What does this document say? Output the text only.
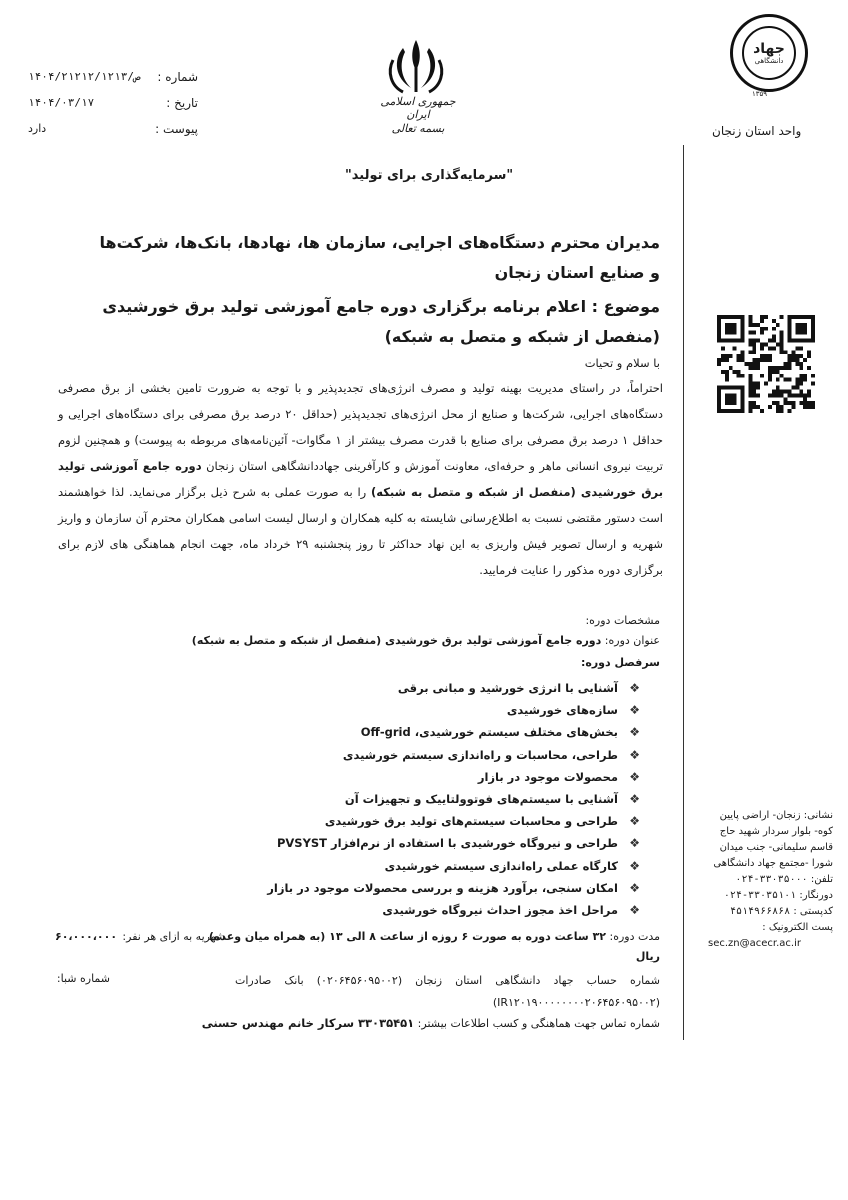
جهاد
دانشگاهی
۱۳۵۹
واحد استان زنجان
جمهوری اسلامی ایران
بسمه تعالی
شماره :
۱۴۰۴/۲۱۲۱۲/ص/۱۲۱۳
تاریخ :
۱۴۰۴/۰۳/۱۷
پیوست :
دارد
"سرمایه‌گذاری برای تولید"
مدیران محترم دستگاه‌های اجرایی، سازمان ها، نهادها، بانک‌ها، شرکت‌ها و صنایع استان زنجان
موضوع : اعلام برنامه برگزاری دوره جامع آموزشی تولید برق خورشیدی (منفصل از شبکه و متصل به شبکه)
با سلام و تحیات
احتراماً، در راستای مدیریت بهینه تولید و مصرف انرژی‌های تجدیدپذیر و با توجه به ضرورت تامین بخشی از برق مصرفی دستگاه‌های اجرایی، شرکت‌ها و صنایع از محل انرژی‌های تجدیدپذیر (حداقل ۲۰ درصد برق مصرفی برای دستگاه‌های اجرایی و حداقل ۱ درصد برق مصرفی برای صنایع با قدرت مصرف بیشتر از ۱ مگاوات- آئین‌نامه‌های مربوطه به پیوست) و همچنین لزوم تربیت نیروی انسانی ماهر و حرفه‌ای، معاونت آموزش و کارآفرینی جهاددانشگاهی استان زنجان دوره جامع آموزشی تولید برق خورشیدی (منفصل از شبکه و متصل به شبکه) را به صورت عملی به شرح ذیل برگزار می‌نماید. لذا خواهشمند است دستور مقتضی نسبت به اطلاع‌رسانی شایسته به کلیه همکاران و ارسال لیست اسامی همکاران محترم آن سازمان و واریز شهریه و ارسال تصویر فیش واریزی به این نهاد حداکثر تا روز پنجشنبه ۲۹ خرداد ماه، جهت انجام هماهنگی های لازم برای برگزاری دوره مذکور را عنایت فرمایید.
مشخصات دوره:
عنوان دوره: دوره جامع آموزشی تولید برق خورشیدی (منفصل از شبکه و متصل به شبکه)
سرفصل دوره:
❖
آشنایی با انرژی خورشید و مبانی برقی
❖
سازه‌های خورشیدی
❖
بخش‌های مختلف سیستم خورشیدی، Off-grid
❖
طراحی، محاسبات و راه‌اندازی سیستم خورشیدی
❖
محصولات موجود در بازار
❖
آشنایی با سیستم‌های فوتوولتاییک و تجهیزات آن
❖
طراحی و محاسبات سیستم‌های تولید برق خورشیدی
❖
طراحی و نیروگاه خورشیدی با استفاده از نرم‌افزار PVSYST
❖
کارگاه عملی راه‌اندازی سیستم خورشیدی
❖
امکان سنجی، برآورد هزینه و بررسی محصولات موجود در بازار
❖
مراحل اخذ مجوز احداث نیروگاه خورشیدی
مدت دوره: ۳۲ ساعت دوره به صورت ۶ روزه از ساعت ۸ الی ۱۳ (به همراه میان وعده)
شهریه به ازای هر نفر:
۶۰،۰۰۰،۰۰۰
ریال
شماره حساب جهاد دانشگاهی استان زنجان (۰۲۰۶۴۵۶۰۹۵۰۰۲) بانک صادرات (IR۱۲۰۱۹۰۰۰۰۰۰۰۰۲۰۶۴۵۶۰۹۵۰۰۲)
شماره شبا:
شماره تماس جهت هماهنگی و کسب اطلاعات بیشتر: ۳۳۰۳۵۴۵۱ سرکار خانم مهندس حسنی
نشانی: زنجان- اراضی پایین کوه- بلوار سردار شهید حاج قاسم سلیمانی- جنب میدان شورا -مجتمع جهاد دانشگاهی
تلفن: ۰۲۴-۳۳۰۳۵۰۰۰
دورنگار: ۰۲۴-۳۳۰۳۵۱۰۱
کدپستی : ۴۵۱۴۹۶۶۸۶۸
پست الکترونیک :
sec.zn@acecr.ac.ir
